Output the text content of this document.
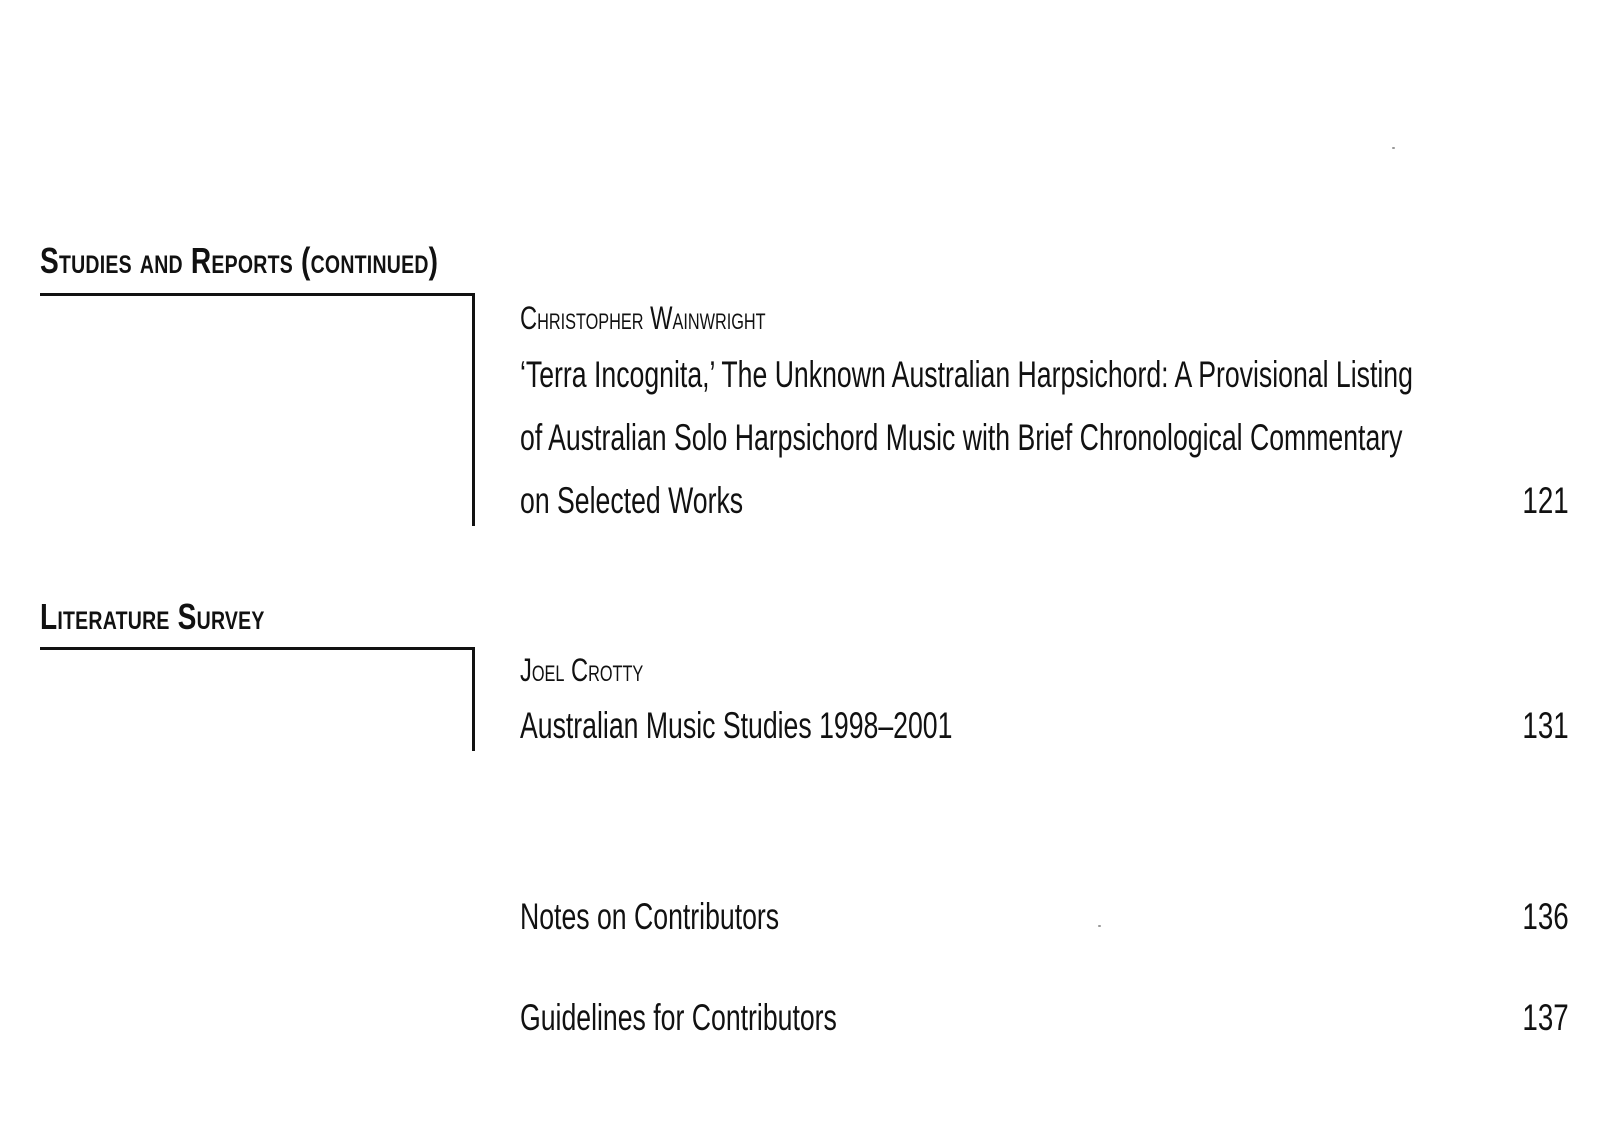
Studies and Reports (continued)
Christopher Wainwright
‘Terra Incognita,’ The Unknown Australian Harpsichord: A Provisional Listing
of Australian Solo Harpsichord Music with Brief Chronological Commentary
on Selected Works	121
Literature Survey
Joel Crotty
Australian Music Studies 1998–2001	131
Notes on Contributors	136
Guidelines for Contributors	137
